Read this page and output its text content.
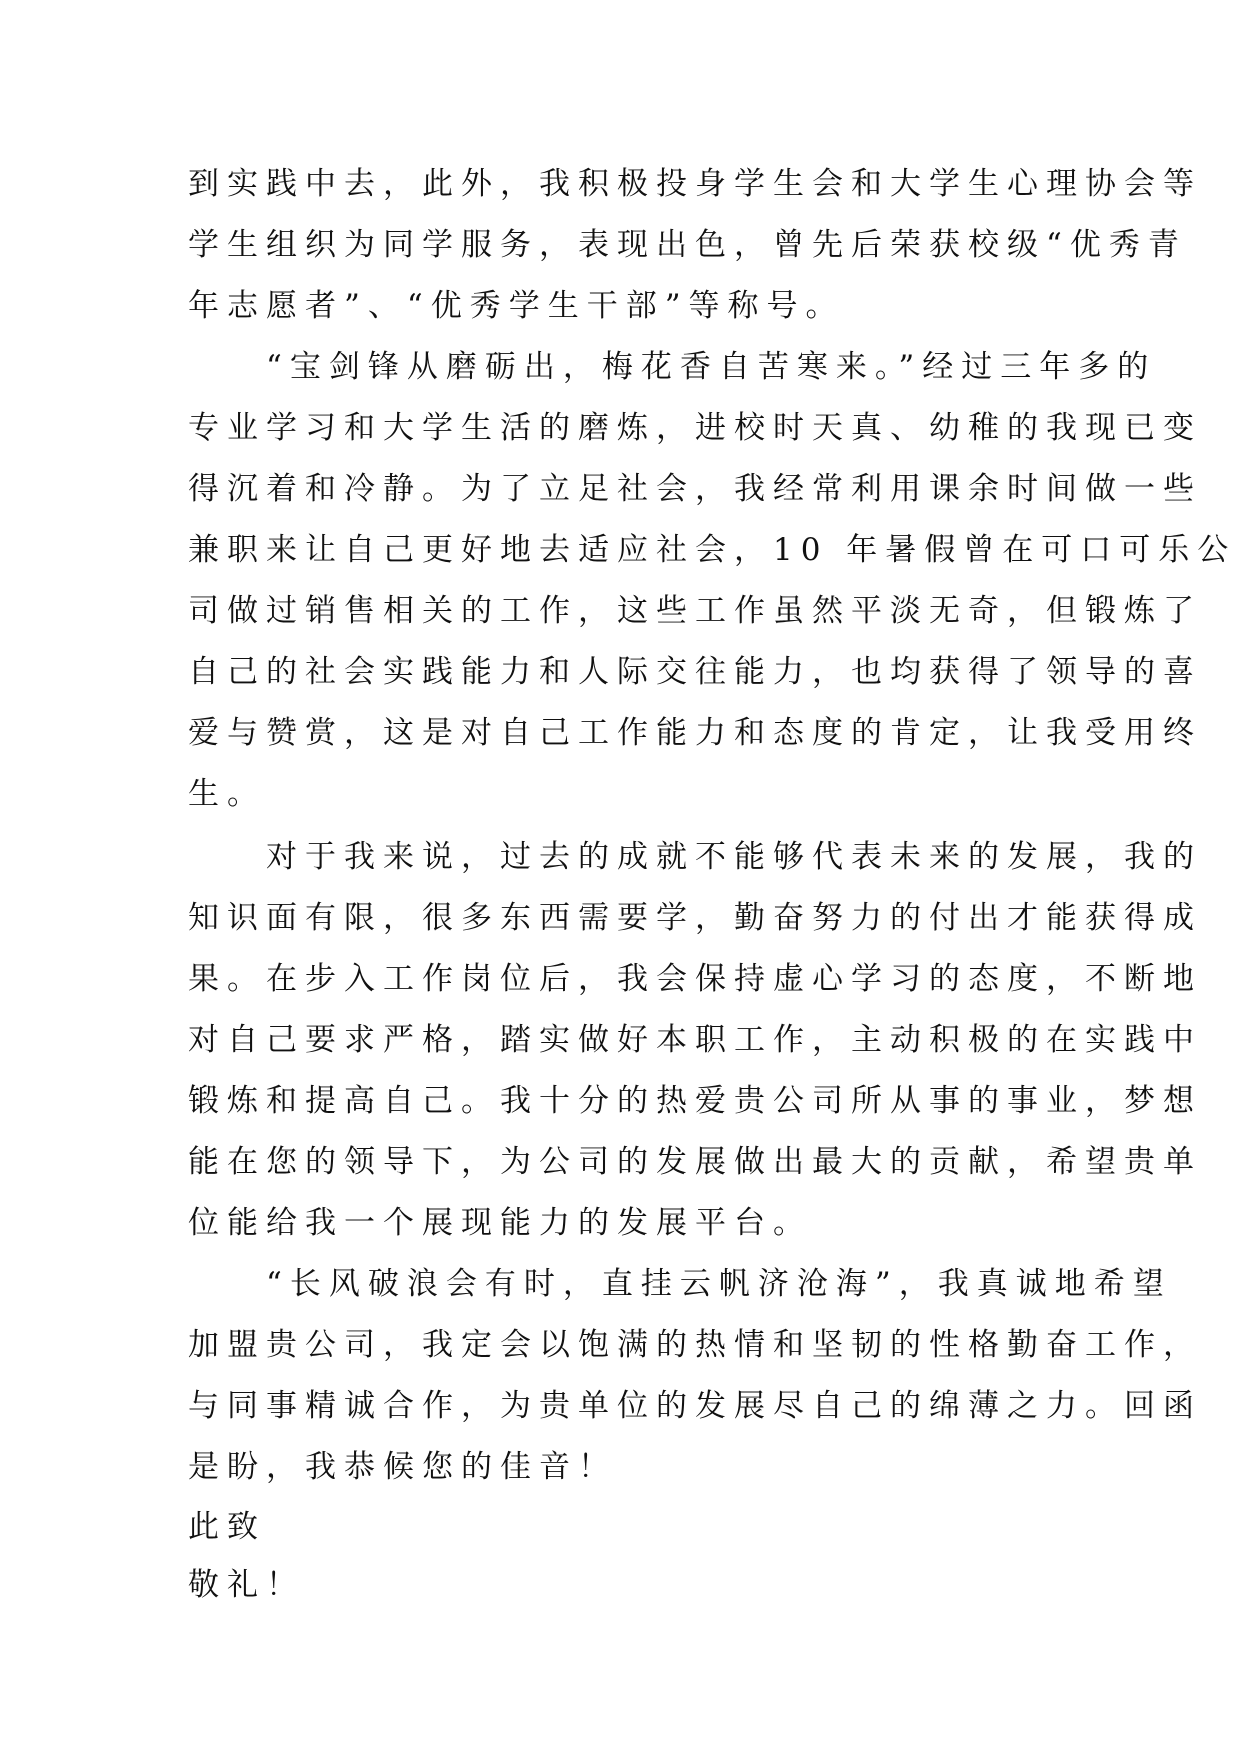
到实践中去，此外，我积极投身学生会和大学生心理协会等
学生组织为同学服务，表现出色，曾先后荣获校级“优秀青
年志愿者”、“优秀学生干部”等称号。
　　“宝剑锋从磨砺出，梅花香自苦寒来。”经过三年多的
专业学习和大学生活的磨炼，进校时天真、幼稚的我现已变
得沉着和冷静。为了立足社会，我经常利用课余时间做一些
兼职来让自己更好地去适应社会，10 年暑假曾在可口可乐公
司做过销售相关的工作，这些工作虽然平淡无奇，但锻炼了
自己的社会实践能力和人际交往能力，也均获得了领导的喜
爱与赞赏，这是对自己工作能力和态度的肯定，让我受用终
生。
　　对于我来说，过去的成就不能够代表未来的发展，我的
知识面有限，很多东西需要学，勤奋努力的付出才能获得成
果。在步入工作岗位后，我会保持虚心学习的态度，不断地
对自己要求严格，踏实做好本职工作，主动积极的在实践中
锻炼和提高自己。我十分的热爱贵公司所从事的事业，梦想
能在您的领导下，为公司的发展做出最大的贡献，希望贵单
位能给我一个展现能力的发展平台。
　　“长风破浪会有时，直挂云帆济沧海”，我真诚地希望
加盟贵公司，我定会以饱满的热情和坚韧的性格勤奋工作，
与同事精诚合作，为贵单位的发展尽自己的绵薄之力。回函
是盼，我恭候您的佳音！
此致
敬礼！
